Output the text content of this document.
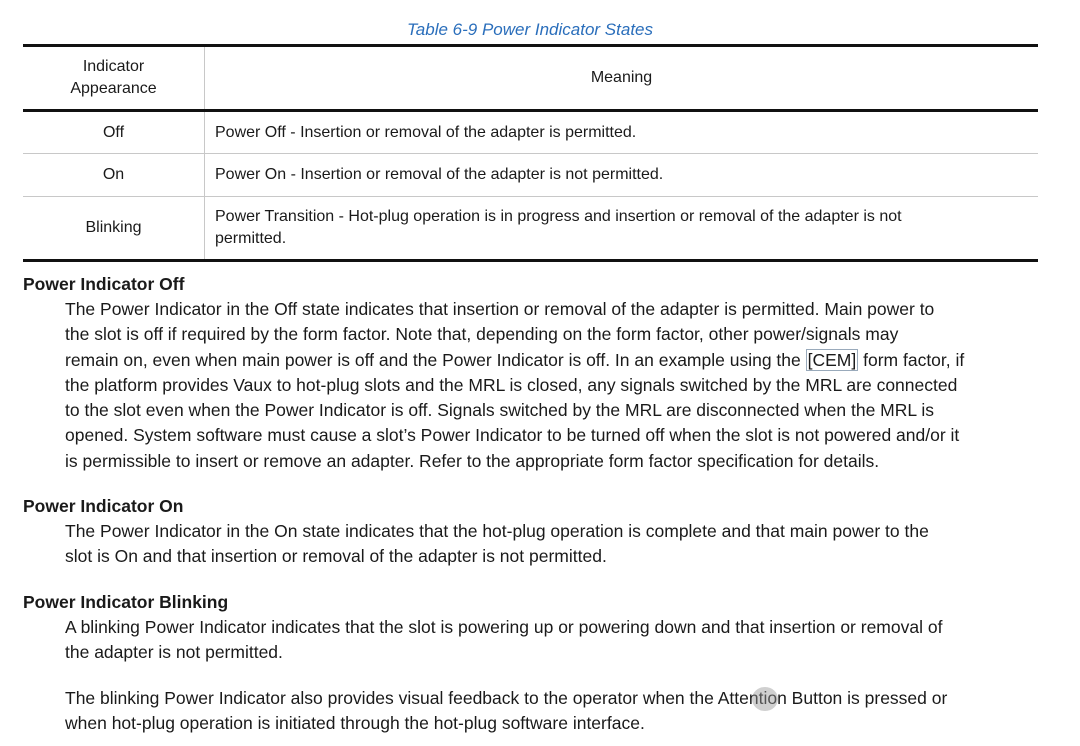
Table 6-9 Power Indicator States
Indicator
Appearance	Meaning
Off	Power Off - Insertion or removal of the adapter is permitted.
On	Power On - Insertion or removal of the adapter is not permitted.
Blinking	Power Transition - Hot-plug operation is in progress and insertion or removal of the adapter is not
permitted.
Power Indicator Off
The Power Indicator in the Off state indicates that insertion or removal of the adapter is permitted. Main power to
the slot is off if required by the form factor. Note that, depending on the form factor, other power/signals may
remain on, even when main power is off and the Power Indicator is off. In an example using the [CEM] form factor, if
the platform provides Vaux to hot-plug slots and the MRL is closed, any signals switched by the MRL are connected
to the slot even when the Power Indicator is off. Signals switched by the MRL are disconnected when the MRL is
opened. System software must cause a slot’s Power Indicator to be turned off when the slot is not powered and/or it
is permissible to insert or remove an adapter. Refer to the appropriate form factor specification for details.
Power Indicator On
The Power Indicator in the On state indicates that the hot-plug operation is complete and that main power to the
slot is On and that insertion or removal of the adapter is not permitted.
Power Indicator Blinking
A blinking Power Indicator indicates that the slot is powering up or powering down and that insertion or removal of
the adapter is not permitted.
The blinking Power Indicator also provides visual feedback to the operator when the Attention Button is pressed or
when hot-plug operation is initiated through the hot-plug software interface.
